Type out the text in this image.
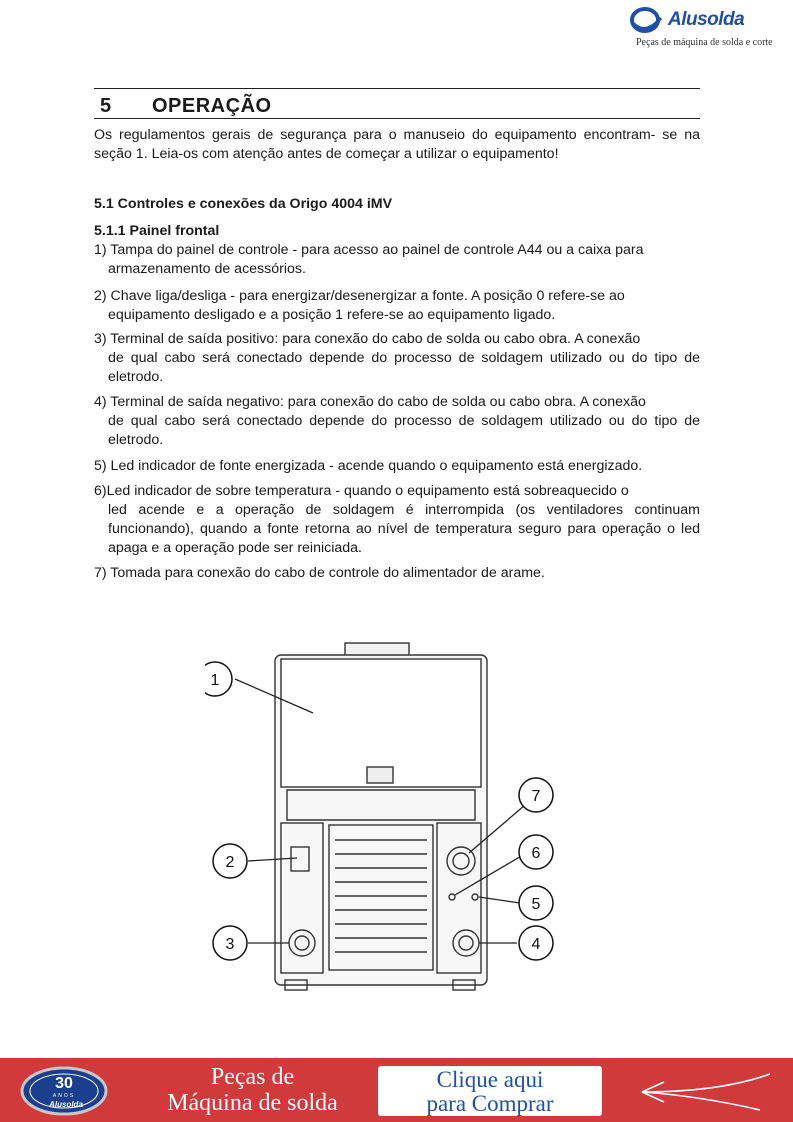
Alusolda
Peças de máquina de solda e corte
5 OPERAÇÃO
Os regulamentos gerais de segurança para o manuseio do equipamento encontram- se na seção 1. Leia-os com atenção antes de começar a utilizar o equipamento!
5.1 Controles e conexões da Origo 4004 iMV
5.1.1 Painel frontal
1) Tampa do painel de controle - para acesso ao painel de controle A44 ou a caixa para
armazenamento de acessórios.
2) Chave liga/desliga - para energizar/desenergizar a fonte. A posição 0 refere-se ao
equipamento desligado e a posição 1 refere-se ao equipamento ligado.
3) Terminal de saída positivo: para conexão do cabo de solda ou cabo obra. A conexão
de qual cabo será conectado depende do processo de soldagem utilizado ou do tipo de eletrodo.
4) Terminal de saída negativo: para conexão do cabo de solda ou cabo obra. A conexão
de qual cabo será conectado depende do processo de soldagem utilizado ou do tipo de eletrodo.
5) Led indicador de fonte energizada - acende quando o equipamento está energizado.
6)Led indicador de sobre temperatura - quando o equipamento está sobreaquecido o
led acende e a operação de soldagem é interrompida (os ventiladores continuam funcionando), quando a fonte retorna ao nível de temperatura seguro para operação o led apaga e a operação pode ser reiniciada.
7) Tomada para conexão do cabo de controle do alimentador de arame.
1
2
3	4
5
6
7
30
ANOS
Alusolda
Peças de
Máquina de solda
Clique aqui
para Comprar
